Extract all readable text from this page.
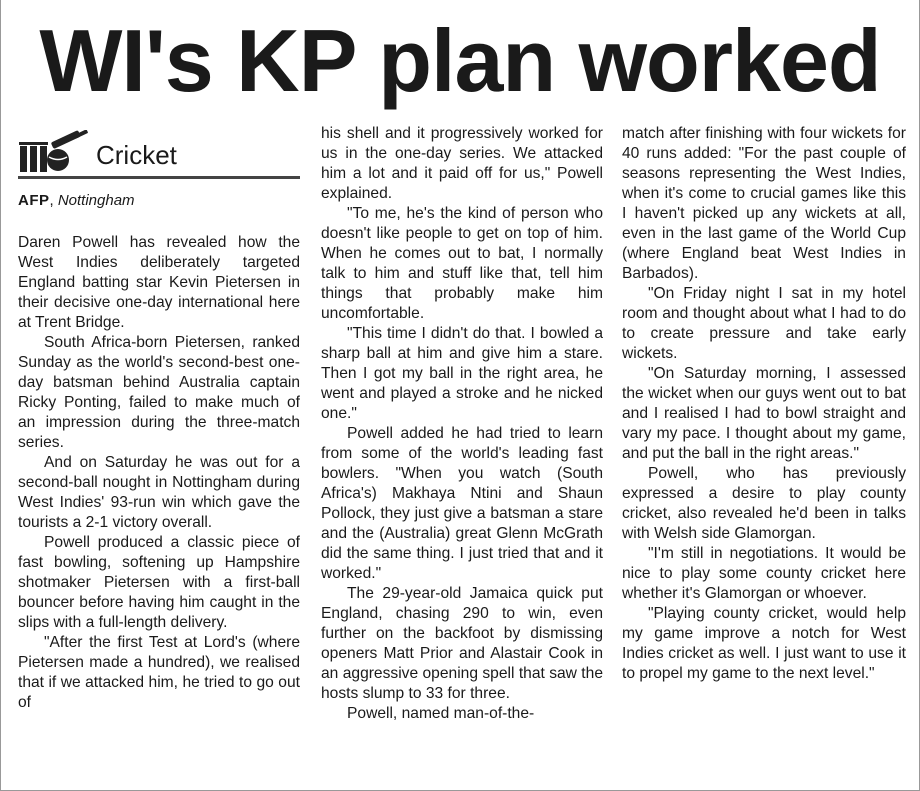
WI's KP plan worked
Cricket
AFP, Nottingham

Daren Powell has revealed how the West Indies deliberately targeted England batting star Kevin Pietersen in their decisive one-day international here at Trent Bridge.

South Africa-born Pietersen, ranked Sunday as the world's second-best one-day batsman behind Australia captain Ricky Ponting, failed to make much of an impression during the three-match series.

And on Saturday he was out for a second-ball nought in Nottingham during West Indies' 93-run win which gave the tourists a 2-1 victory overall.

Powell produced a classic piece of fast bowling, softening up Hampshire shotmaker Pietersen with a first-ball bouncer before having him caught in the slips with a full-length delivery.

"After the first Test at Lord's (where Pietersen made a hundred), we realised that if we attacked him, he tried to go out of

his shell and it progressively worked for us in the one-day series. We attacked him a lot and it paid off for us," Powell explained.

"To me, he's the kind of person who doesn't like people to get on top of him. When he comes out to bat, I normally talk to him and stuff like that, tell him things that probably make him uncomfortable.

"This time I didn't do that. I bowled a sharp ball at him and give him a stare. Then I got my ball in the right area, he went and played a stroke and he nicked one."

Powell added he had tried to learn from some of the world's leading fast bowlers. "When you watch (South Africa's) Makhaya Ntini and Shaun Pollock, they just give a batsman a stare and the (Australia) great Glenn McGrath did the same thing. I just tried that and it worked."

The 29-year-old Jamaica quick put England, chasing 290 to win, even further on the backfoot by dismissing openers Matt Prior and Alastair Cook in an aggressive opening spell that saw the hosts slump to 33 for three.

Powell, named man-of-the-

match after finishing with four wickets for 40 runs added: "For the past couple of seasons representing the West Indies, when it's come to crucial games like this I haven't picked up any wickets at all, even in the last game of the World Cup (where England beat West Indies in Barbados).

"On Friday night I sat in my hotel room and thought about what I had to do to create pressure and take early wickets.

"On Saturday morning, I assessed the wicket when our guys went out to bat and I realised I had to bowl straight and vary my pace. I thought about my game, and put the ball in the right areas."

Powell, who has previously expressed a desire to play county cricket, also revealed he'd been in talks with Welsh side Glamorgan.

"I'm still in negotiations. It would be nice to play some county cricket here whether it's Glamorgan or whoever.

"Playing county cricket, would help my game improve a notch for West Indies cricket as well. I just want to use it to propel my game to the next level."
